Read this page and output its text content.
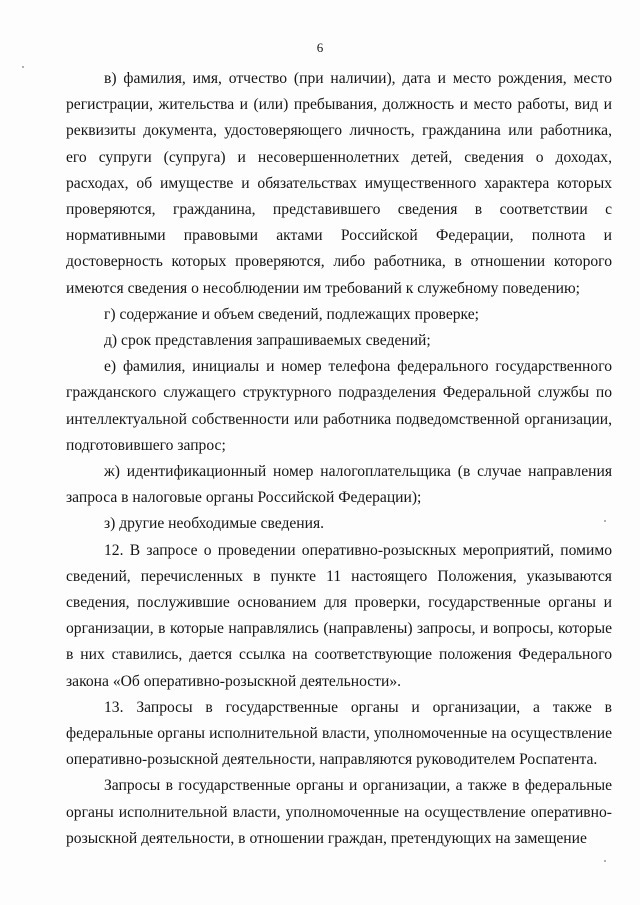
6

в) фамилия, имя, отчество (при наличии), дата и место рождения, место регистрации, жительства и (или) пребывания, должность и место работы, вид и реквизиты документа, удостоверяющего личность, гражданина или работника, его супруги (супруга) и несовершеннолетних детей, сведения о доходах, расходах, об имуществе и обязательствах имущественного характера которых проверяются, гражданина, представившего сведения в соответствии с нормативными правовыми актами Российской Федерации, полнота и достоверность которых проверяются, либо работника, в отношении которого имеются сведения о несоблюдении им требований к служебному поведению;

г) содержание и объем сведений, подлежащих проверке;

д) срок представления запрашиваемых сведений;

е) фамилия, инициалы и номер телефона федерального государственного гражданского служащего структурного подразделения Федеральной службы по интеллектуальной собственности или работника подведомственной организации, подготовившего запрос;

ж) идентификационный номер налогоплательщика (в случае направления запроса в налоговые органы Российской Федерации);

з) другие необходимые сведения.

12. В запросе о проведении оперативно-розыскных мероприятий, помимо сведений, перечисленных в пункте 11 настоящего Положения, указываются сведения, послужившие основанием для проверки, государственные органы и организации, в которые направлялись (направлены) запросы, и вопросы, которые в них ставились, дается ссылка на соответствующие положения Федерального закона «Об оперативно-розыскной деятельности».

13. Запросы в государственные органы и организации, а также в федеральные органы исполнительной власти, уполномоченные на осуществление оперативно-розыскной деятельности, направляются руководителем Роспатента.

Запросы в государственные органы и организации, а также в федеральные органы исполнительной власти, уполномоченные на осуществление оперативно-розыскной деятельности, в отношении граждан, претендующих на замещение
